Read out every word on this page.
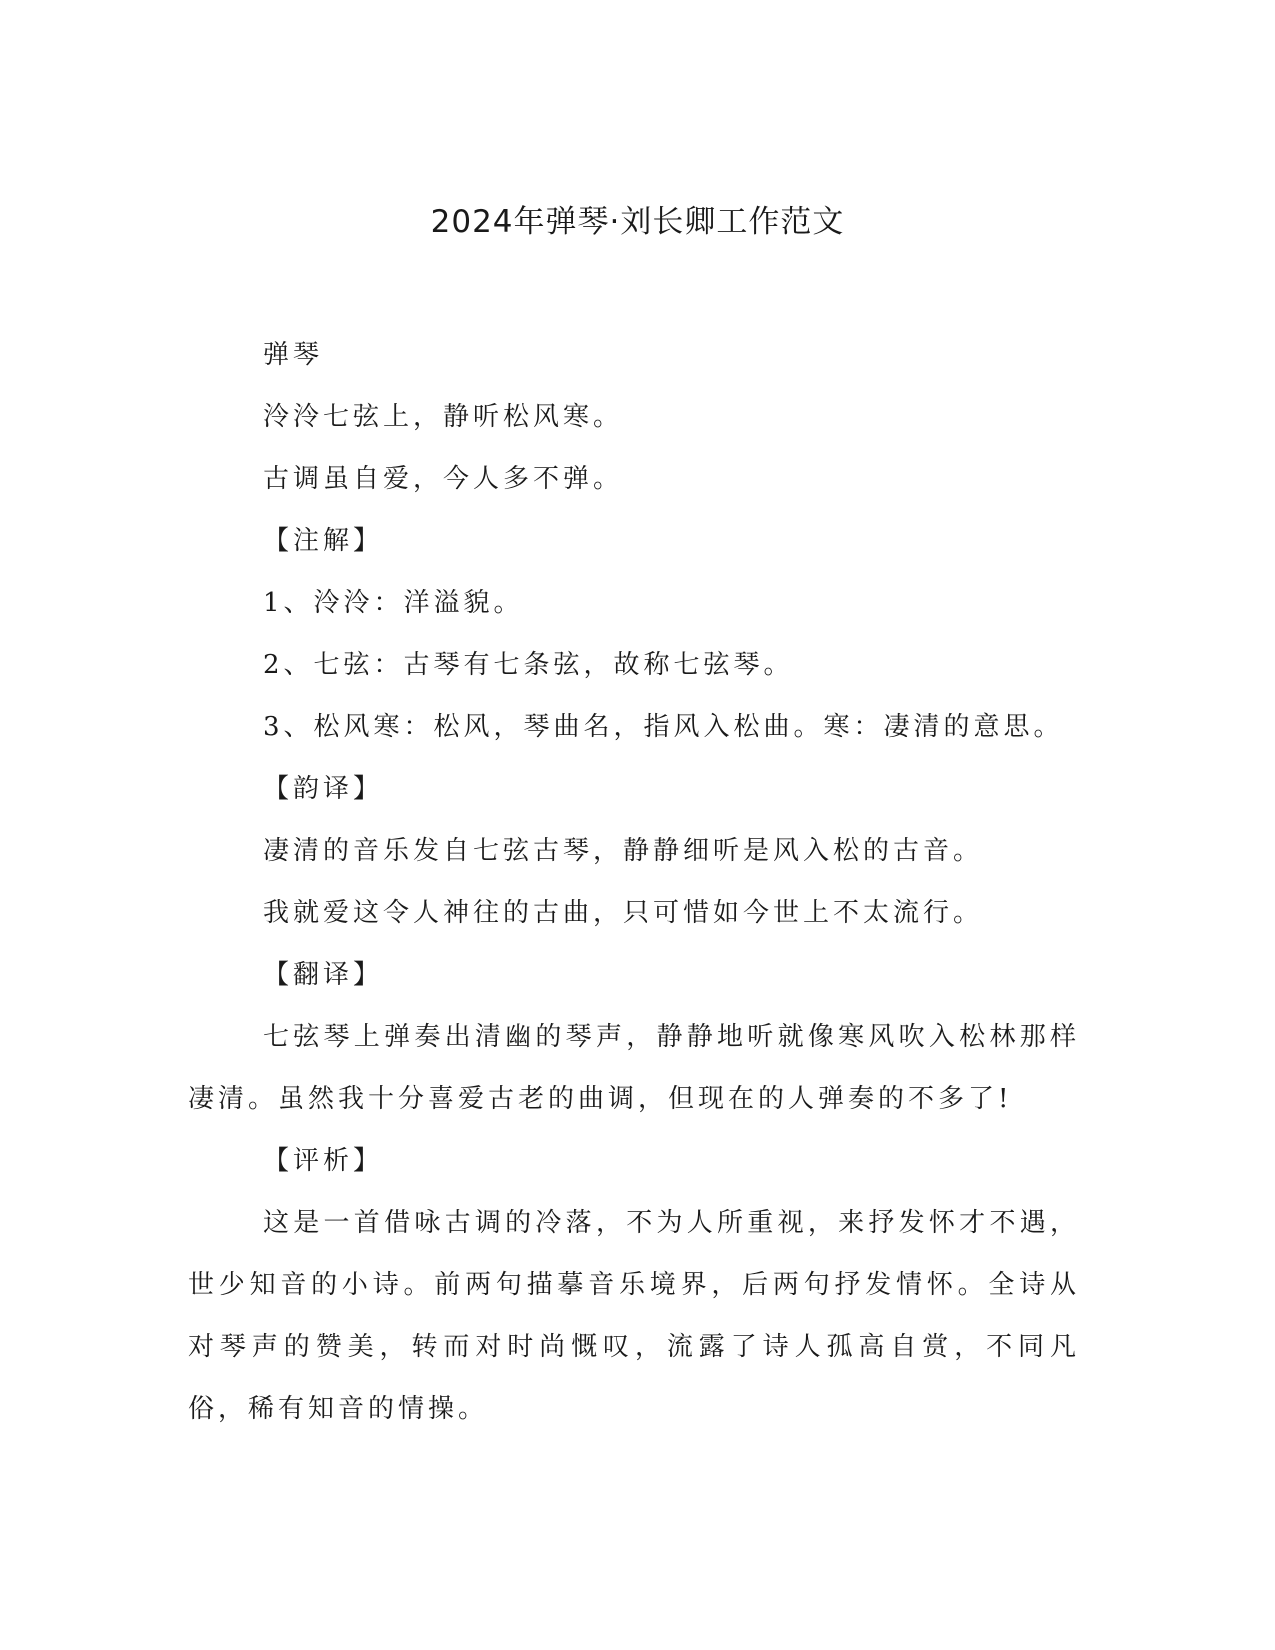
2024年弹琴·刘长卿工作范文

弹琴

泠泠七弦上，静听松风寒。

古调虽自爱，今人多不弹。

【注解】

1、泠泠：洋溢貌。

2、七弦：古琴有七条弦，故称七弦琴。

3、松风寒：松风，琴曲名，指风入松曲。寒：凄清的意思。

【韵译】

凄清的音乐发自七弦古琴，静静细听是风入松的古音。

我就爱这令人神往的古曲，只可惜如今世上不太流行。

【翻译】

七弦琴上弹奏出清幽的琴声，静静地听就像寒风吹入松林那样凄清。虽然我十分喜爱古老的曲调，但现在的人弹奏的不多了!

【评析】

这是一首借咏古调的冷落，不为人所重视，来抒发怀才不遇，世少知音的小诗。前两句描摹音乐境界，后两句抒发情怀。全诗从对琴声的赞美，转而对时尚慨叹，流露了诗人孤高自赏，不同凡俗，稀有知音的情操。
